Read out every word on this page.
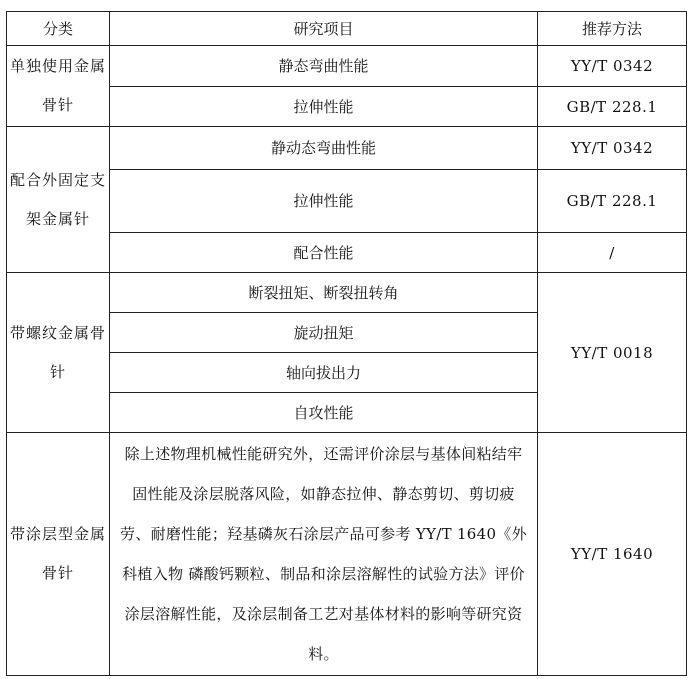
分类	研究项目	推荐方法
单独使用金属骨针	静态弯曲性能	YY/T 0342
	拉伸性能	GB/T 228.1
配合外固定支架金属针	静动态弯曲性能	YY/T 0342
	拉伸性能	GB/T 228.1
	配合性能	/
带螺纹金属骨针	断裂扭矩、断裂扭转角	YY/T 0018
	旋动扭矩	
	轴向拔出力	
	自攻性能	
带涂层型金属骨针	除上述物理机械性能研究外，还需评价涂层与基体间粘结牢固性能及涂层脱落风险，如静态拉伸、静态剪切、剪切疲劳、耐磨性能；羟基磷灰石涂层产品可参考 YY/T 1640《外科植入物 磷酸钙颗粒、制品和涂层溶解性的试验方法》评价涂层溶解性能，及涂层制备工艺对基体材料的影响等研究资料。	YY/T 1640
